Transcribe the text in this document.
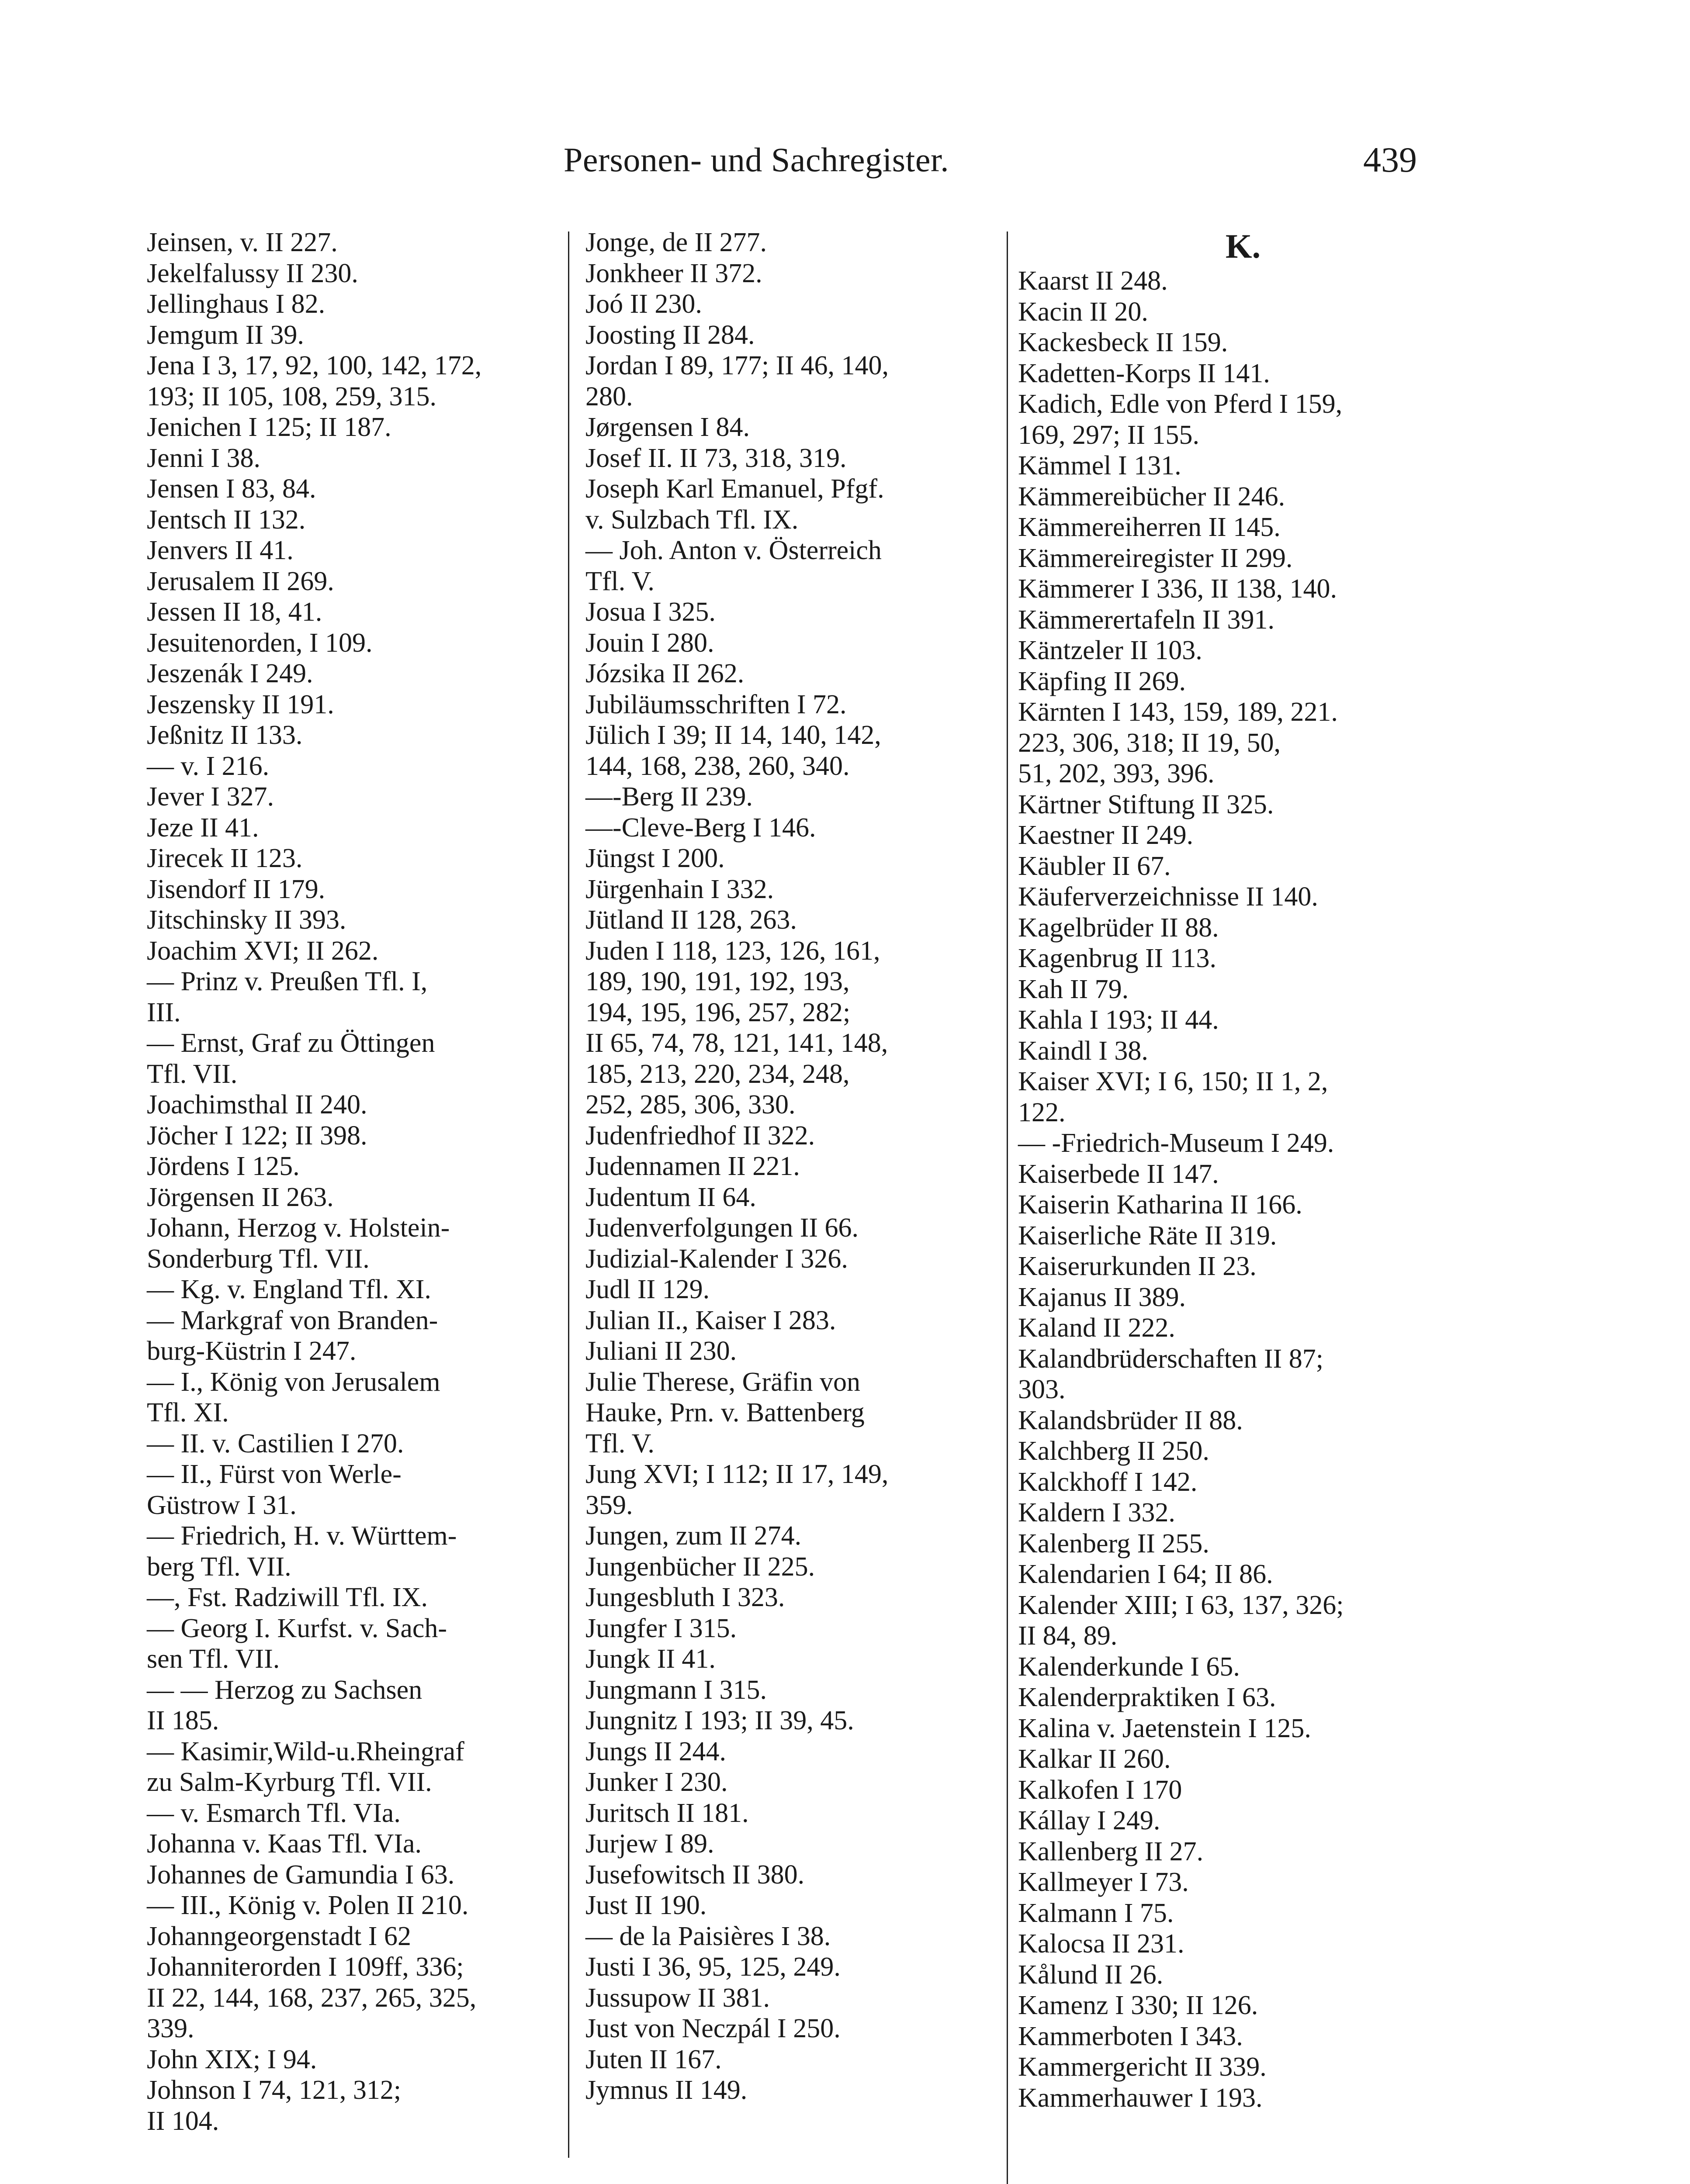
Personen- und Sachregister.	439
Jeinsen, v. II 227.
Jekelfalussy II 230.
Jellinghaus I 82.
Jemgum II 39.
Jena I 3, 17, 92, 100, 142, 172,
193; II 105, 108, 259, 315.
Jenichen I 125; II 187.
Jenni I 38.
Jensen I 83, 84.
Jentsch II 132.
Jenvers II 41.
Jerusalem II 269.
Jessen II 18, 41.
Jesuitenorden, I 109.
Jeszenák I 249.
Jeszensky II 191.
Jeßnitz II 133.
— v. I 216.
Jever I 327.
Jeze II 41.
Jirecek II 123.
Jisendorf II 179.
Jitschinsky II 393.
Joachim XVI; II 262.
— Prinz v. Preußen Tfl. I,
III.
— Ernst, Graf zu Öttingen
Tfl. VII.
Joachimsthal II 240.
Jöcher I 122; II 398.
Jördens I 125.
Jörgensen II 263.
Johann, Herzog v. Holstein-
Sonderburg Tfl. VII.
— Kg. v. England Tfl. XI.
— Markgraf von Branden-
burg-Küstrin I 247.
— I., König von Jerusalem
Tfl. XI.
— II. v. Castilien I 270.
— II., Fürst von Werle-
Güstrow I 31.
— Friedrich, H. v. Württem-
berg Tfl. VII.
—, Fst. Radziwill Tfl. IX.
— Georg I. Kurfst. v. Sach-
sen Tfl. VII.
— — Herzog zu Sachsen
II 185.
— Kasimir,Wild-u.Rheingraf
zu Salm-Kyrburg Tfl. VII.
— v. Esmarch Tfl. VIa.
Johanna v. Kaas Tfl. VIa.
Johannes de Gamundia I 63.
— III., König v. Polen II 210.
Johanngeorgenstadt I 62
Johanniterorden I 109ff, 336;
II 22, 144, 168, 237, 265, 325,
339.
John XIX; I 94.
Johnson I 74, 121, 312;
II 104.
Jonge, de II 277.
Jonkheer II 372.
Joó II 230.
Joosting II 284.
Jordan I 89, 177; II 46, 140,
280.
Jørgensen I 84.
Josef II. II 73, 318, 319.
Joseph Karl Emanuel, Pfgf.
v. Sulzbach Tfl. IX.
— Joh. Anton v. Österreich
Tfl. V.
Josua I 325.
Jouin I 280.
Józsika II 262.
Jubiläumsschriften I 72.
Jülich I 39; II 14, 140, 142,
144, 168, 238, 260, 340.
—-Berg II 239.
—-Cleve-Berg I 146.
Jüngst I 200.
Jürgenhain I 332.
Jütland II 128, 263.
Juden I 118, 123, 126, 161,
189, 190, 191, 192, 193,
194, 195, 196, 257, 282;
II 65, 74, 78, 121, 141, 148,
185, 213, 220, 234, 248,
252, 285, 306, 330.
Judenfriedhof II 322.
Judennamen II 221.
Judentum II 64.
Judenverfolgungen II 66.
Judizial-Kalender I 326.
Judl II 129.
Julian II., Kaiser I 283.
Juliani II 230.
Julie Therese, Gräfin von
Hauke, Prn. v. Battenberg
Tfl. V.
Jung XVI; I 112; II 17, 149,
359.
Jungen, zum II 274.
Jungenbücher II 225.
Jungesbluth I 323.
Jungfer I 315.
Jungk II 41.
Jungmann I 315.
Jungnitz I 193; II 39, 45.
Jungs II 244.
Junker I 230.
Juritsch II 181.
Jurjew I 89.
Jusefowitsch II 380.
Just II 190.
— de la Paisières I 38.
Justi I 36, 95, 125, 249.
Jussupow II 381.
Just von Neczpál I 250.
Juten II 167.
Jymnus II 149.
K.
Kaarst II 248.
Kacin II 20.
Kackesbeck II 159.
Kadetten-Korps II 141.
Kadich, Edle von Pferd I 159,
169, 297; II 155.
Kämmel I 131.
Kämmereibücher II 246.
Kämmereiherren II 145.
Kämmereiregister II 299.
Kämmerer I 336, II 138, 140.
Kämmerertafeln II 391.
Käntzeler II 103.
Käpfing II 269.
Kärnten I 143, 159, 189, 221.
223, 306, 318; II 19, 50,
51, 202, 393, 396.
Kärtner Stiftung II 325.
Kaestner II 249.
Käubler II 67.
Käuferverzeichnisse II 140.
Kagelbrüder II 88.
Kagenbrug II 113.
Kah II 79.
Kahla I 193; II 44.
Kaindl I 38.
Kaiser XVI; I 6, 150; II 1, 2,
122.
— -Friedrich-Museum I 249.
Kaiserbede II 147.
Kaiserin Katharina II 166.
Kaiserliche Räte II 319.
Kaiserurkunden II 23.
Kajanus II 389.
Kaland II 222.
Kalandbrüderschaften II 87;
303.
Kalandsbrüder II 88.
Kalchberg II 250.
Kalckhoff I 142.
Kaldern I 332.
Kalenberg II 255.
Kalendarien I 64; II 86.
Kalender XIII; I 63, 137, 326;
II 84, 89.
Kalenderkunde I 65.
Kalenderpraktiken I 63.
Kalina v. Jaetenstein I 125.
Kalkar II 260.
Kalkofen I 170
Kállay I 249.
Kallenberg II 27.
Kallmeyer I 73.
Kalmann I 75.
Kalocsa II 231.
Kålund II 26.
Kamenz I 330; II 126.
Kammerboten I 343.
Kammergericht II 339.
Kammerhauwer I 193.
